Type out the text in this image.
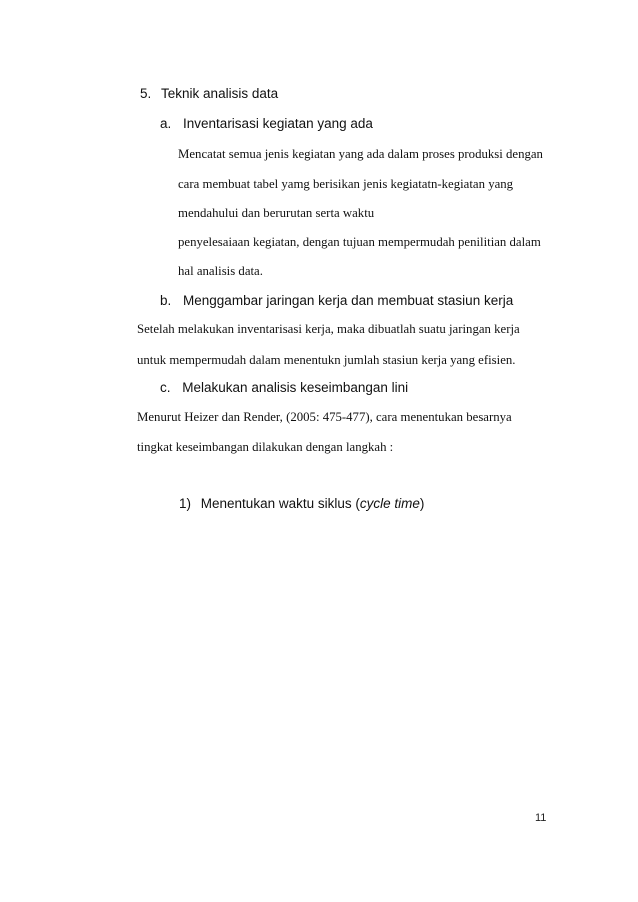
5. Teknik analisis data
a. Inventarisasi kegiatan yang ada
Mencatat semua jenis kegiatan yang ada dalam proses produksi dengan
cara membuat tabel yamg berisikan jenis kegiatatn-kegiatan yang
mendahului dan berurutan serta waktu
penyelesaiaan kegiatan, dengan tujuan mempermudah penilitian dalam
hal analisis data.
b. Menggambar jaringan kerja dan membuat stasiun kerja
Setelah melakukan inventarisasi kerja, maka dibuatlah suatu jaringan kerja
untuk mempermudah dalam menentukn jumlah stasiun kerja yang efisien.
c. Melakukan analisis keseimbangan lini
Menurut Heizer dan Render, (2005: 475-477), cara menentukan besarnya
tingkat keseimbangan dilakukan dengan langkah :
1) Menentukan waktu siklus (cycle time)
11
